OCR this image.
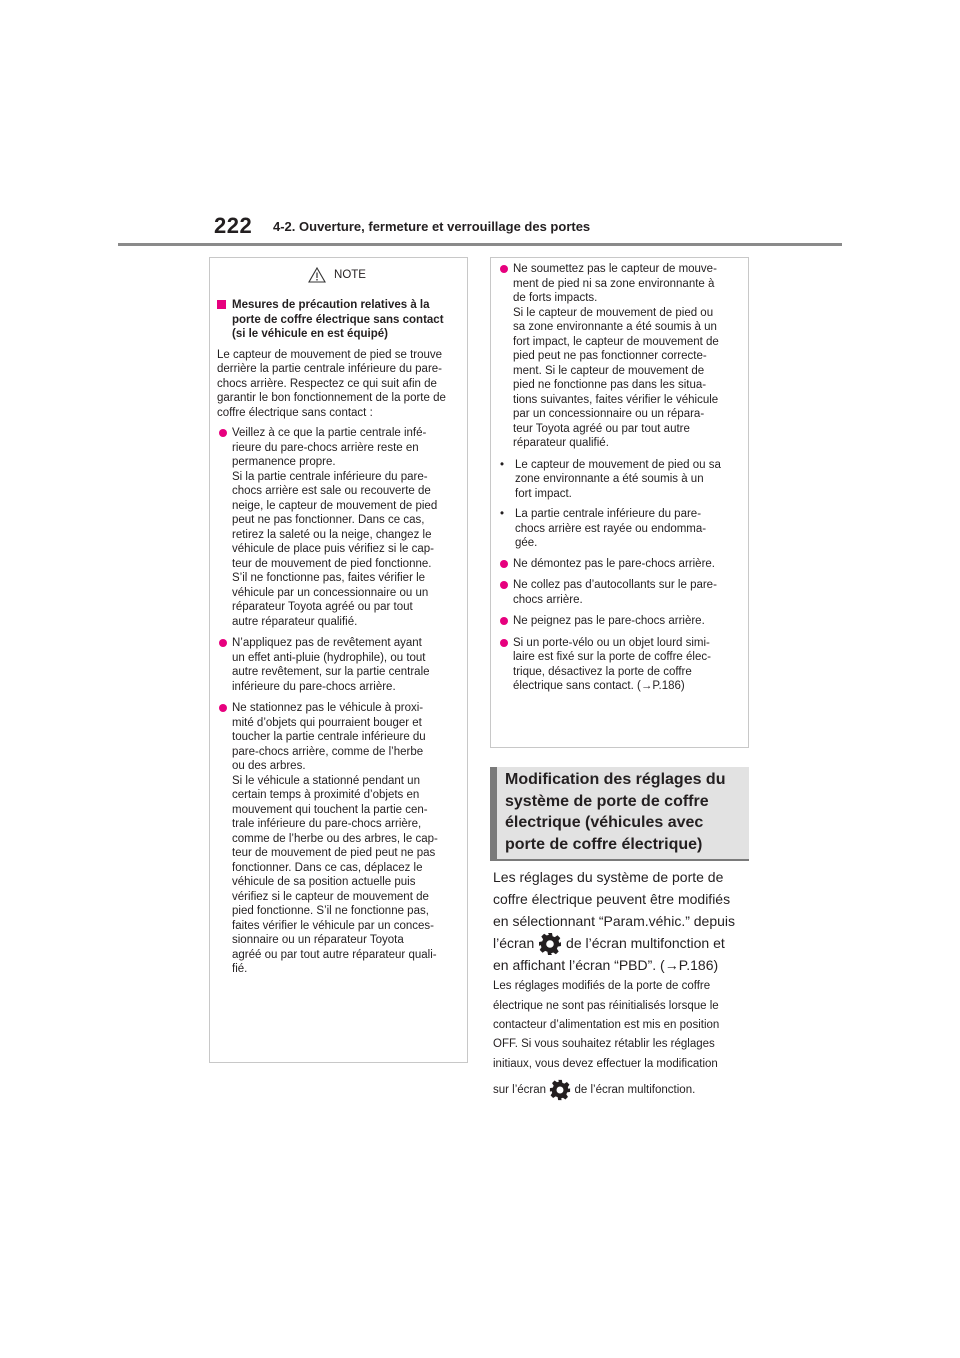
222 4-2. Ouverture, fermeture et verrouillage des portes
NOTE
Mesures de précaution relatives à la porte de coffre électrique sans contact (si le véhicule en est équipé)
Le capteur de mouvement de pied se trouve derrière la partie centrale inférieure du pare-chocs arrière. Respectez ce qui suit afin de garantir le bon fonctionnement de la porte de coffre électrique sans contact :
Veillez à ce que la partie centrale infé-
rieure du pare-chocs arrière reste en
permanence propre.
Si la partie centrale inférieure du pare-
chocs arrière est sale ou recouverte de
neige, le capteur de mouvement de pied
peut ne pas fonctionner. Dans ce cas,
retirez la saleté ou la neige, changez le
véhicule de place puis vérifiez si le cap-
teur de mouvement de pied fonctionne.
S’il ne fonctionne pas, faites vérifier le
véhicule par un concessionnaire ou un
réparateur Toyota agréé ou par tout
autre réparateur qualifié.
N’appliquez pas de revêtement ayant
un effet anti-pluie (hydrophile), ou tout
autre revêtement, sur la partie centrale
inférieure du pare-chocs arrière.
Ne stationnez pas le véhicule à proxi-
mité d’objets qui pourraient bouger et
toucher la partie centrale inférieure du
pare-chocs arrière, comme de l’herbe
ou des arbres.
Si le véhicule a stationné pendant un
certain temps à proximité d’objets en
mouvement qui touchent la partie cen-
trale inférieure du pare-chocs arrière,
comme de l’herbe ou des arbres, le cap-
teur de mouvement de pied peut ne pas
fonctionner. Dans ce cas, déplacez le
véhicule de sa position actuelle puis
vérifiez si le capteur de mouvement de
pied fonctionne. S’il ne fonctionne pas,
faites vérifier le véhicule par un conces-
sionnaire ou un réparateur Toyota
agréé ou par tout autre réparateur quali-
fié.
Ne soumettez pas le capteur de mouve-
ment de pied ni sa zone environnante à
de forts impacts.
Si le capteur de mouvement de pied ou
sa zone environnante a été soumis à un
fort impact, le capteur de mouvement de
pied peut ne pas fonctionner correcte-
ment. Si le capteur de mouvement de
pied ne fonctionne pas dans les situa-
tions suivantes, faites vérifier le véhicule
par un concessionnaire ou un répara-
teur Toyota agréé ou par tout autre
réparateur qualifié.
• Le capteur de mouvement de pied ou sa
zone environnante a été soumis à un
fort impact.
• La partie centrale inférieure du pare-
chocs arrière est rayée ou endomma-
gée.
Ne démontez pas le pare-chocs arrière.
Ne collez pas d’autocollants sur le pare-
chocs arrière.
Ne peignez pas le pare-chocs arrière.
Si un porte-vélo ou un objet lourd simi-
laire est fixé sur la porte de coffre élec-
trique, désactivez la porte de coffre
électrique sans contact. (→P.186)
Modification des réglages du
système de porte de coffre
électrique (véhicules avec
porte de coffre électrique)
Les réglages du système de porte de
coffre électrique peuvent être modifiés
en sélectionnant “Param.véhic.” depuis
l’écran de l’écran multifonction et
en affichant l’écran “PBD”. (→P.186)
Les réglages modifiés de la porte de coffre
électrique ne sont pas réinitialisés lorsque le
contacteur d’alimentation est mis en position
OFF. Si vous souhaitez rétablir les réglages
initiaux, vous devez effectuer la modification
sur l’écran de l’écran multifonction.
